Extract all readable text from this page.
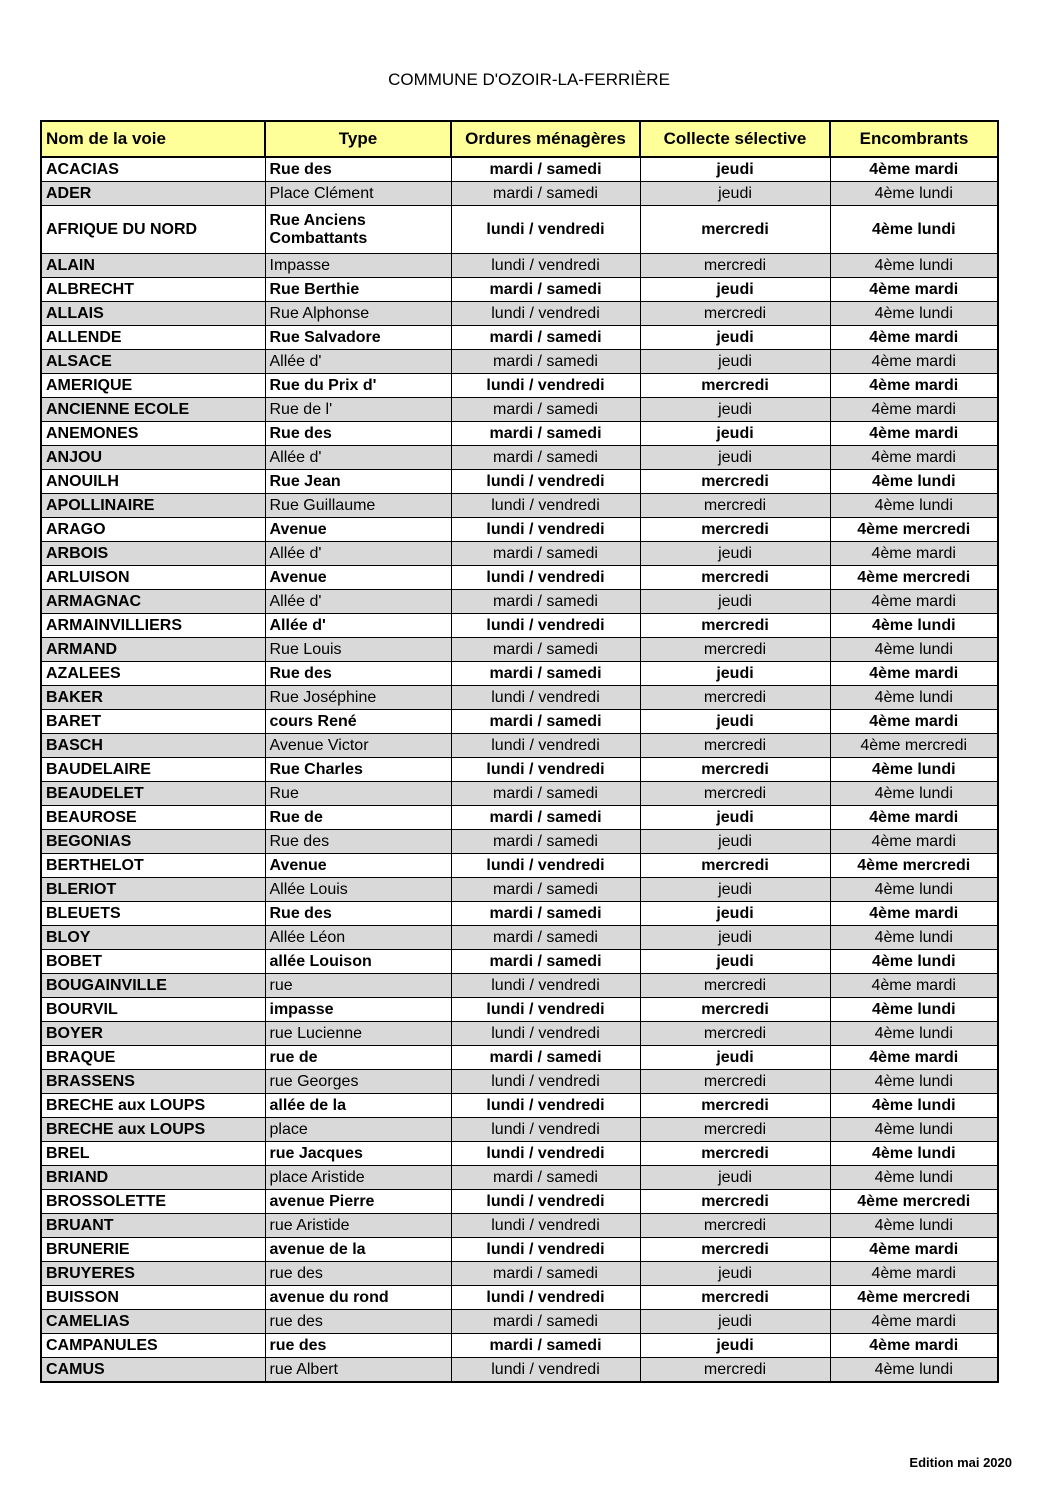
COMMUNE D'OZOIR-LA-FERRIÈRE
Nom de la voie	Type	Ordures ménagères	Collecte sélective	Encombrants
ACACIAS	Rue des	mardi / samedi	jeudi	4ème mardi
ADER	Place Clément	mardi / samedi	jeudi	4ème lundi
AFRIQUE DU NORD	Rue Anciens Combattants	lundi / vendredi	mercredi	4ème lundi
ALAIN	Impasse	lundi / vendredi	mercredi	4ème lundi
ALBRECHT	Rue Berthie	mardi / samedi	jeudi	4ème mardi
ALLAIS	Rue Alphonse	lundi / vendredi	mercredi	4ème lundi
ALLENDE	Rue Salvadore	mardi / samedi	jeudi	4ème mardi
ALSACE	Allée d'	mardi / samedi	jeudi	4ème mardi
AMERIQUE	Rue du Prix d'	lundi / vendredi	mercredi	4ème mardi
ANCIENNE ECOLE	Rue de l'	mardi / samedi	jeudi	4ème mardi
ANEMONES	Rue des	mardi / samedi	jeudi	4ème mardi
ANJOU	Allée d'	mardi / samedi	jeudi	4ème mardi
ANOUILH	Rue Jean	lundi / vendredi	mercredi	4ème lundi
APOLLINAIRE	Rue Guillaume	lundi / vendredi	mercredi	4ème lundi
ARAGO	Avenue	lundi / vendredi	mercredi	4ème mercredi
ARBOIS	Allée d'	mardi / samedi	jeudi	4ème mardi
ARLUISON	Avenue	lundi / vendredi	mercredi	4ème mercredi
ARMAGNAC	Allée d'	mardi / samedi	jeudi	4ème mardi
ARMAINVILLIERS	Allée d'	lundi / vendredi	mercredi	4ème lundi
ARMAND	Rue Louis	mardi / samedi	mercredi	4ème lundi
AZALEES	Rue des	mardi / samedi	jeudi	4ème mardi
BAKER	Rue Joséphine	lundi / vendredi	mercredi	4ème lundi
BARET	cours René	mardi / samedi	jeudi	4ème mardi
BASCH	Avenue Victor	lundi / vendredi	mercredi	4ème mercredi
BAUDELAIRE	Rue Charles	lundi / vendredi	mercredi	4ème lundi
BEAUDELET	Rue	mardi / samedi	mercredi	4ème lundi
BEAUROSE	Rue de	mardi / samedi	jeudi	4ème mardi
BEGONIAS	Rue des	mardi / samedi	jeudi	4ème mardi
BERTHELOT	Avenue	lundi / vendredi	mercredi	4ème mercredi
BLERIOT	Allée Louis	mardi / samedi	jeudi	4ème lundi
BLEUETS	Rue des	mardi / samedi	jeudi	4ème mardi
BLOY	Allée Léon	mardi / samedi	jeudi	4ème lundi
BOBET	allée Louison	mardi / samedi	jeudi	4ème lundi
BOUGAINVILLE	rue	lundi / vendredi	mercredi	4ème mardi
BOURVIL	impasse	lundi / vendredi	mercredi	4ème lundi
BOYER	rue Lucienne	lundi / vendredi	mercredi	4ème lundi
BRAQUE	rue de	mardi / samedi	jeudi	4ème mardi
BRASSENS	rue Georges	lundi / vendredi	mercredi	4ème lundi
BRECHE aux LOUPS	allée de la	lundi / vendredi	mercredi	4ème lundi
BRECHE aux LOUPS	place	lundi / vendredi	mercredi	4ème lundi
BREL	rue Jacques	lundi / vendredi	mercredi	4ème lundi
BRIAND	place Aristide	mardi / samedi	jeudi	4ème lundi
BROSSOLETTE	avenue Pierre	lundi / vendredi	mercredi	4ème mercredi
BRUANT	rue Aristide	lundi / vendredi	mercredi	4ème lundi
BRUNERIE	avenue de la	lundi / vendredi	mercredi	4ème mardi
BRUYERES	rue des	mardi / samedi	jeudi	4ème mardi
BUISSON	avenue du rond	lundi / vendredi	mercredi	4ème mercredi
CAMELIAS	rue des	mardi / samedi	jeudi	4ème mardi
CAMPANULES	rue des	mardi / samedi	jeudi	4ème mardi
CAMUS	rue Albert	lundi / vendredi	mercredi	4ème lundi
Edition mai 2020
